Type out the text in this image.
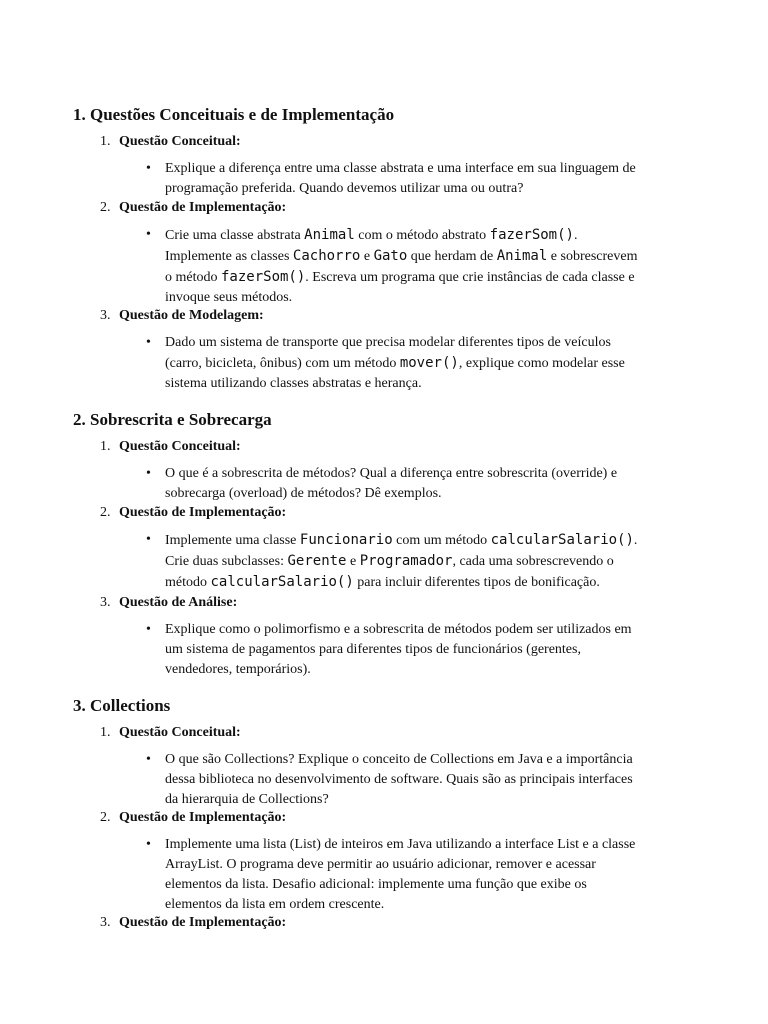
1. Questões Conceituais e de Implementação
1. Questão Conceitual:
• Explique a diferença entre uma classe abstrata e uma interface em sua linguagem de
programação preferida. Quando devemos utilizar uma ou outra?
2. Questão de Implementação:
• Crie uma classe abstrata Animal com o método abstrato fazerSom().
Implemente as classes Cachorro e Gato que herdam de Animal e sobrescrevem
o método fazerSom(). Escreva um programa que crie instâncias de cada classe e
invoque seus métodos.
3. Questão de Modelagem:
• Dado um sistema de transporte que precisa modelar diferentes tipos de veículos
(carro, bicicleta, ônibus) com um método mover(), explique como modelar esse
sistema utilizando classes abstratas e herança.
2. Sobrescrita e Sobrecarga
1. Questão Conceitual:
• O que é a sobrescrita de métodos? Qual a diferença entre sobrescrita (override) e
sobrecarga (overload) de métodos? Dê exemplos.
2. Questão de Implementação:
• Implemente uma classe Funcionario com um método calcularSalario().
Crie duas subclasses: Gerente e Programador, cada uma sobrescrevendo o
método calcularSalario() para incluir diferentes tipos de bonificação.
3. Questão de Análise:
• Explique como o polimorfismo e a sobrescrita de métodos podem ser utilizados em
um sistema de pagamentos para diferentes tipos de funcionários (gerentes,
vendedores, temporários).
3. Collections
1. Questão Conceitual:
• O que são Collections? Explique o conceito de Collections em Java e a importância
dessa biblioteca no desenvolvimento de software. Quais são as principais interfaces
da hierarquia de Collections?
2. Questão de Implementação:
• Implemente uma lista (List) de inteiros em Java utilizando a interface List e a classe
ArrayList. O programa deve permitir ao usuário adicionar, remover e acessar
elementos da lista. Desafio adicional: implemente uma função que exibe os
elementos da lista em ordem crescente.
3. Questão de Implementação:
